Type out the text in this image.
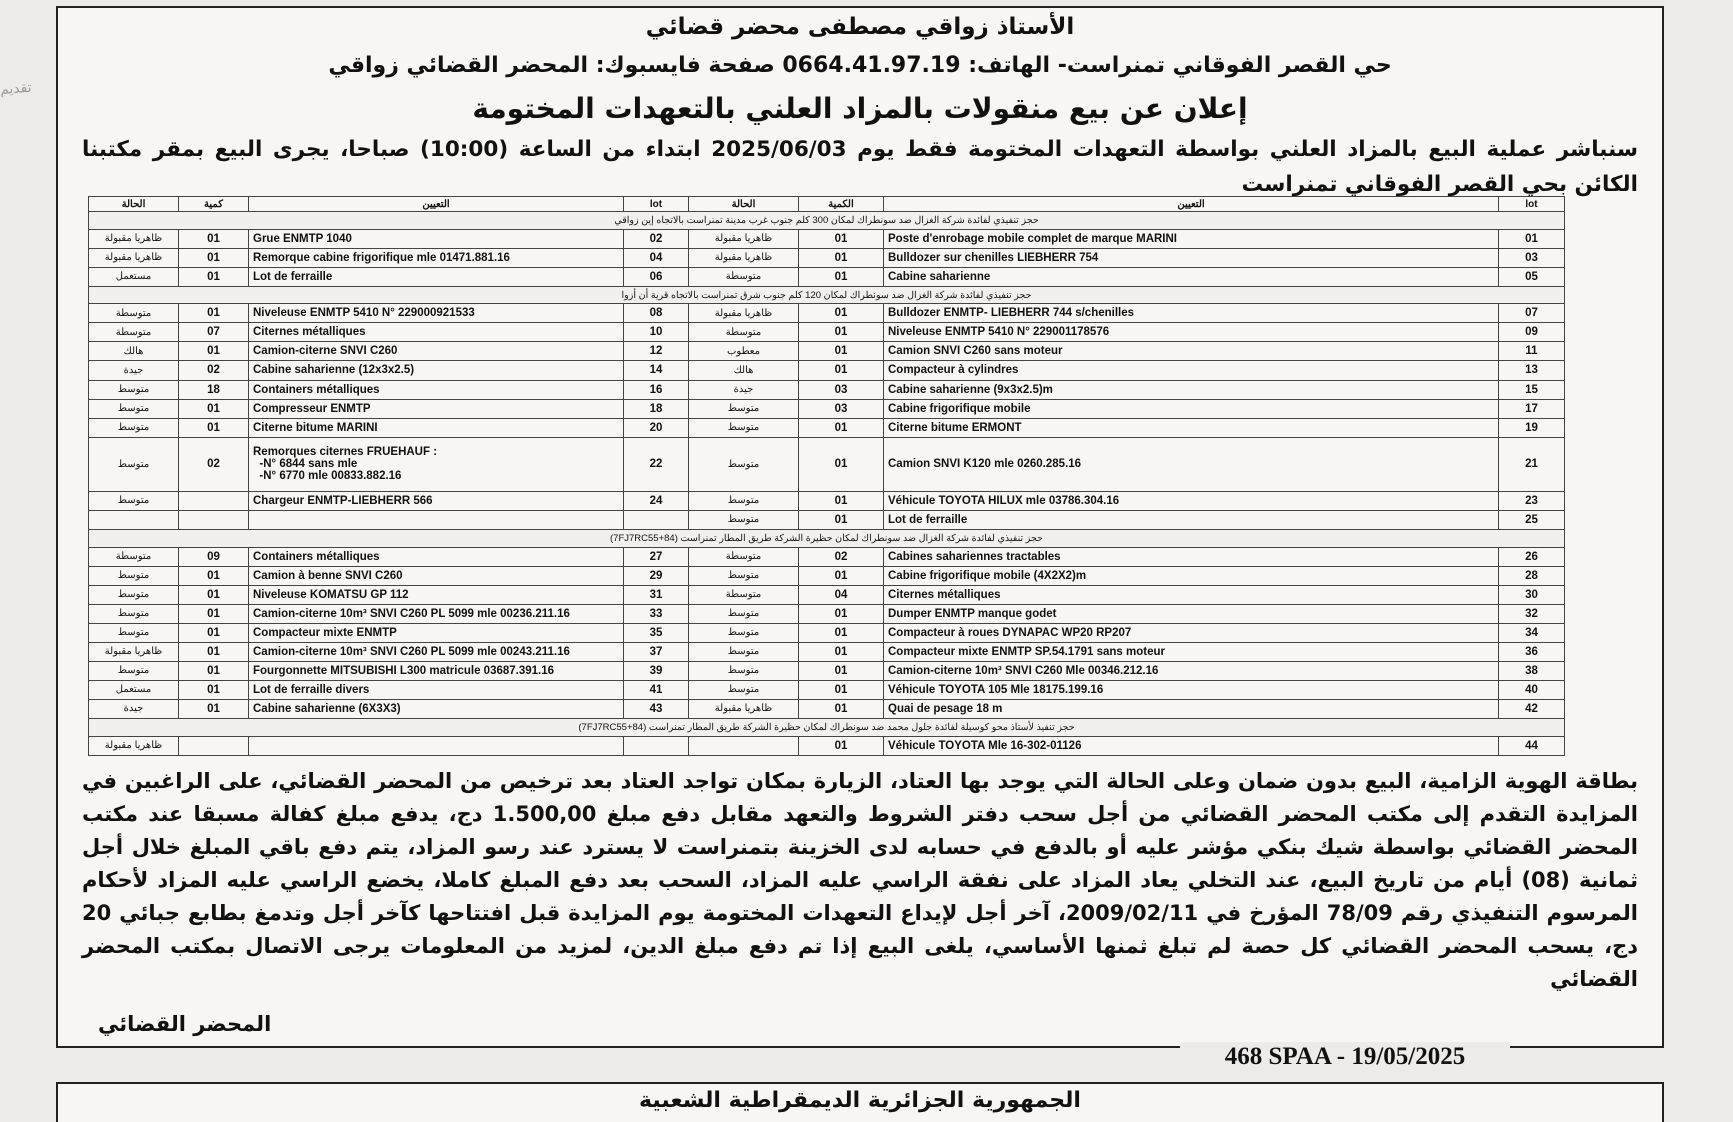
تقديم
الأستاذ زواقي مصطفى محضر قضائي
حي القصر الفوقاني تمنراست- الهاتف: 0664.41.97.19 صفحة فايسبوك: المحضر القضائي زواقي
إعلان عن بيع منقولات بالمزاد العلني بالتعهدات المختومة
سنباشر عملية البيع بالمزاد العلني بواسطة التعهدات المختومة فقط يوم 2025/06/03 ابتداء من الساعة (10:00) صباحا، يجرى البيع بمقر مكتبنا الكائن بحي القصر الفوقاني تمنراست
الحالة	كمية	التعيين	lot	الحالة	الكمية	التعيين	lot
حجز تنفيذي لفائدة شركة الغزال ضد سونطراك لمكان 300 كلم جنوب غرب مدينة تمنراست بالاتجاه إين زواقي							
ظاهريا مقبولة	01	Grue ENMTP 1040	02	ظاهريا مقبولة	01	Poste d'enrobage mobile complet de marque MARINI	01
ظاهريا مقبولة	01	Remorque cabine frigorifique mle 01471.881.16	04	ظاهريا مقبولة	01	Bulldozer sur chenilles LIEBHERR 754	03
مستعمل	01	Lot de ferraille	06	متوسطة	01	Cabine saharienne	05
حجز تنفيذي لفائدة شركة الغزال ضد سونطراك لمكان 120 كلم جنوب شرق تمنراست بالاتجاه قرية أن أزوا							
متوسطة	01	Niveleuse ENMTP 5410 N° 229000921533	08	ظاهريا مقبولة	01	Bulldozer ENMTP- LIEBHERR 744 s/chenilles	07
متوسطة	07	Citernes métalliques	10	متوسطة	01	Niveleuse ENMTP 5410 N° 229001178576	09
هالك	01	Camion-citerne SNVI C260	12	معطوب	01	Camion SNVI C260 sans moteur	11
جيدة	02	Cabine saharienne (12x3x2.5)	14	هالك	01	Compacteur à cylindres	13
متوسط	18	Containers métalliques	16	جيدة	03	Cabine saharienne (9x3x2.5)m	15
متوسط	01	Compresseur ENMTP	18	متوسط	03	Cabine frigorifique mobile	17
متوسط	01	Citerne bitume MARINI	20	متوسط	01	Citerne bitume ERMONT	19
متوسط	02	Remorques citernes FRUEHAUF :
-N° 6844 sans mle
-N° 6770 mle 00833.882.16	22	متوسط	01	Camion SNVI K120 mle 0260.285.16	21
متوسط		Chargeur ENMTP-LIEBHERR 566	24	متوسط	01	Véhicule TOYOTA HILUX mle 03786.304.16	23
				متوسط	01	Lot de ferraille	25
حجز تنفيذي لفائدة شركة الغزال ضد سونطراك لمكان حظيرة الشركة طريق المطار تمنراست (7FJ7RC55+84)							
متوسطة	09	Containers métalliques	27	متوسطة	02	Cabines sahariennes tractables	26
متوسط	01	Camion à benne SNVI C260	29	متوسط	01	Cabine frigorifique mobile (4X2X2)m	28
متوسط	01	Niveleuse KOMATSU GP 112	31	متوسطة	04	Citernes métalliques	30
متوسط	01	Camion-citerne 10m³ SNVI C260 PL 5099 mle 00236.211.16	33	متوسط	01	Dumper ENMTP manque godet	32
متوسط	01	Compacteur mixte ENMTP	35	متوسط	01	Compacteur à roues DYNAPAC WP20 RP207	34
ظاهريا مقبولة	01	Camion-citerne 10m³ SNVI C260 PL 5099 mle 00243.211.16	37	متوسط	01	Compacteur mixte ENMTP SP.54.1791 sans moteur	36
متوسط	01	Fourgonnette MITSUBISHI L300 matricule 03687.391.16	39	متوسط	01	Camion-citerne 10m³ SNVI C260 Mle 00346.212.16	38
مستعمل	01	Lot de ferraille divers	41	متوسط	01	Véhicule TOYOTA 105 Mle 18175.199.16	40
جيدة	01	Cabine saharienne (6X3X3)	43	ظاهريا مقبولة	01	Quai de pesage 18 m	42
حجز تنفيذ لأستاذ محو كوسيلة لفائدة جلول محمد ضد سونطراك لمكان حظيرة الشركة طريق المطار تمنراست (7FJ7RC55+84)							
ظاهريا مقبولة					01	Véhicule TOYOTA Mle 16-302-01126	44
بطاقة الهوية الزامية، البيع بدون ضمان وعلى الحالة التي يوجد بها العتاد، الزيارة بمكان تواجد العتاد بعد ترخيص من المحضر القضائي، على الراغبين في المزايدة التقدم إلى مكتب المحضر القضائي من أجل سحب دفتر الشروط والتعهد مقابل دفع مبلغ 1.500,00 دج، يدفع مبلغ كفالة مسبقا عند مكتب المحضر القضائي بواسطة شيك بنكي مؤشر عليه أو بالدفع في حسابه لدى الخزينة بتمنراست لا يسترد عند رسو المزاد، يتم دفع باقي المبلغ خلال أجل ثمانية (08) أيام من تاريخ البيع، عند التخلي يعاد المزاد على نفقة الراسي عليه المزاد، السحب بعد دفع المبلغ كاملا، يخضع الراسي عليه المزاد لأحكام المرسوم التنفيذي رقم 78/09 المؤرخ في 2009/02/11، آخر أجل لإيداع التعهدات المختومة يوم المزايدة قبل افتتاحها كآخر أجل وتدمغ بطابع جبائي 20 دج، يسحب المحضر القضائي كل حصة لم تبلغ ثمنها الأساسي، يلغى البيع إذا تم دفع مبلغ الدين، لمزيد من المعلومات يرجى الاتصال بمكتب المحضر القضائي
المحضر القضائي
468 SPAA - 19/05/2025
الجمهورية الجزائرية الديمقراطية الشعبية
